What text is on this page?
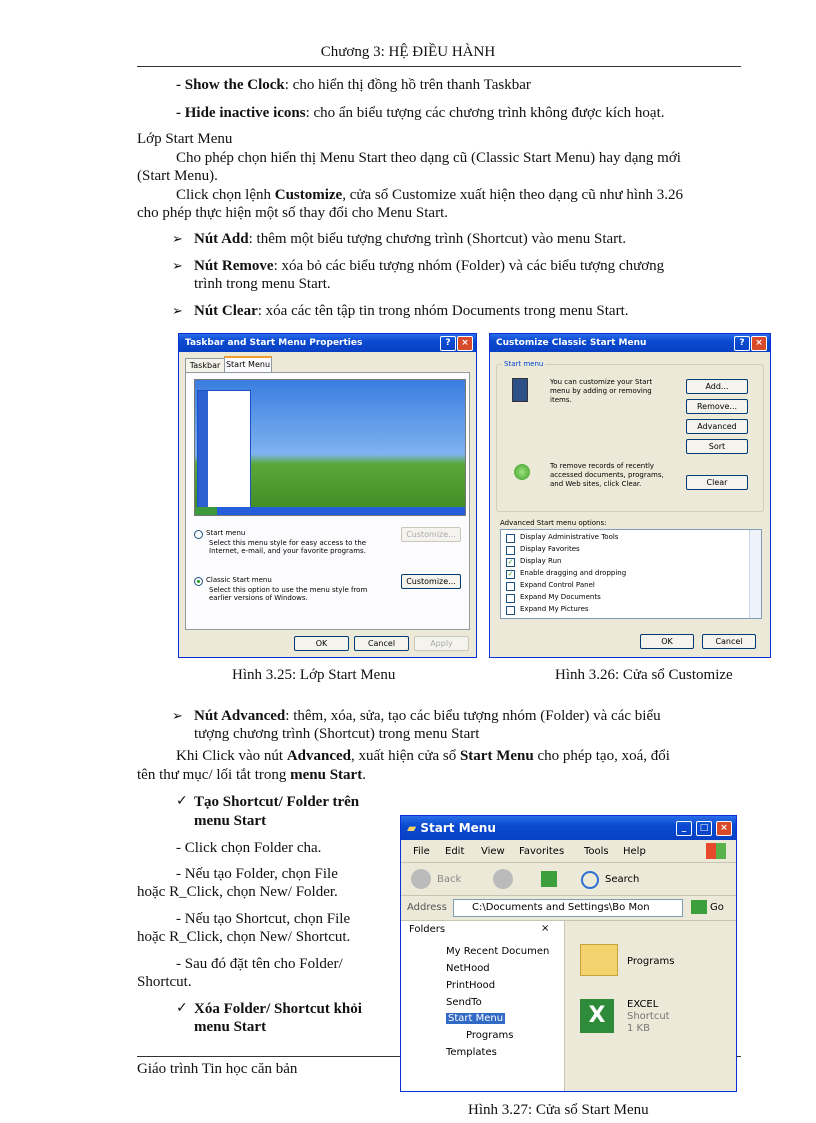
Chương 3: HỆ ĐIỀU HÀNH
- Show the Clock: cho hiển thị đồng hồ trên thanh Taskbar
- Hide inactive icons: cho ẩn biểu tượng các chương trình không được kích hoạt.
Lớp Start Menu
Cho phép chọn hiển thị Menu Start theo dạng cũ (Classic Start Menu) hay dạng mới
(Start Menu).
Click chọn lệnh Customize, cửa sổ Customize xuất hiện theo dạng cũ như hình 3.26
cho phép thực hiện một số thay đổi cho Menu Start.
➢ Nút Add: thêm một biểu tượng chương trình (Shortcut) vào menu Start.
➢ Nút Remove: xóa bỏ các biểu tượng nhóm (Folder) và các biểu tượng chương
trình trong menu Start.
➢ Nút Clear: xóa các tên tập tin trong nhóm Documents trong menu Start.
Taskbar and Start Menu Properties	?	×
Taskbar Start Menu
Start menu
Select this menu style for easy access to the
Internet, e-mail, and your favorite programs.
Customize...
Classic Start menu
Select this option to use the menu style from
earlier versions of Windows.
Customize...
OK	Cancel	Apply
Customize Classic Start Menu	?	×
Start menu
You can customize your Start
menu by adding or removing
items.
Add...
Remove...
Advanced
Sort
To remove records of recently
accessed documents, programs,
and Web sites, click Clear.	Clear
Advanced Start menu options:
Display Administrative Tools
Display Favorites
✓ Display Run
✓ Enable dragging and dropping
Expand Control Panel
Expand My Documents
Expand My Pictures
OK	Cancel
Hình 3.25: Lớp Start Menu	Hình 3.26: Cửa sổ Customize
➢ Nút Advanced: thêm, xóa, sửa, tạo các biểu tượng nhóm (Folder) và các biểu
tượng chương trình (Shortcut) trong menu Start
Khi Click vào nút Advanced, xuất hiện cửa sổ Start Menu cho phép tạo, xoá, đổi
tên thư mục/ lối tắt trong menu Start.
✓ Tạo Shortcut/ Folder trên
menu Start
- Click chọn Folder cha.
- Nếu tạo Folder, chọn File
hoặc R_Click, chọn New/ Folder.
- Nếu tạo Shortcut, chọn File
hoặc R_Click, chọn New/ Shortcut.
- Sau đó đặt tên cho Folder/
Shortcut.
✓ Xóa Folder/ Shortcut khỏi
menu Start
Giáo trình Tin học căn bản
▰ Start Menu	_	□	×
File Edit View Favorites Tools Help
Back	Search
Address	C:\Documents and Settings\Bo Mon	Go
Folders	×
My Recent Documen
NetHood
PrintHood
SendTo
Start Menu
Programs
Templates
Programs
X	EXCEL
Shortcut
1 KB
Hình 3.27: Cửa sổ Start Menu
